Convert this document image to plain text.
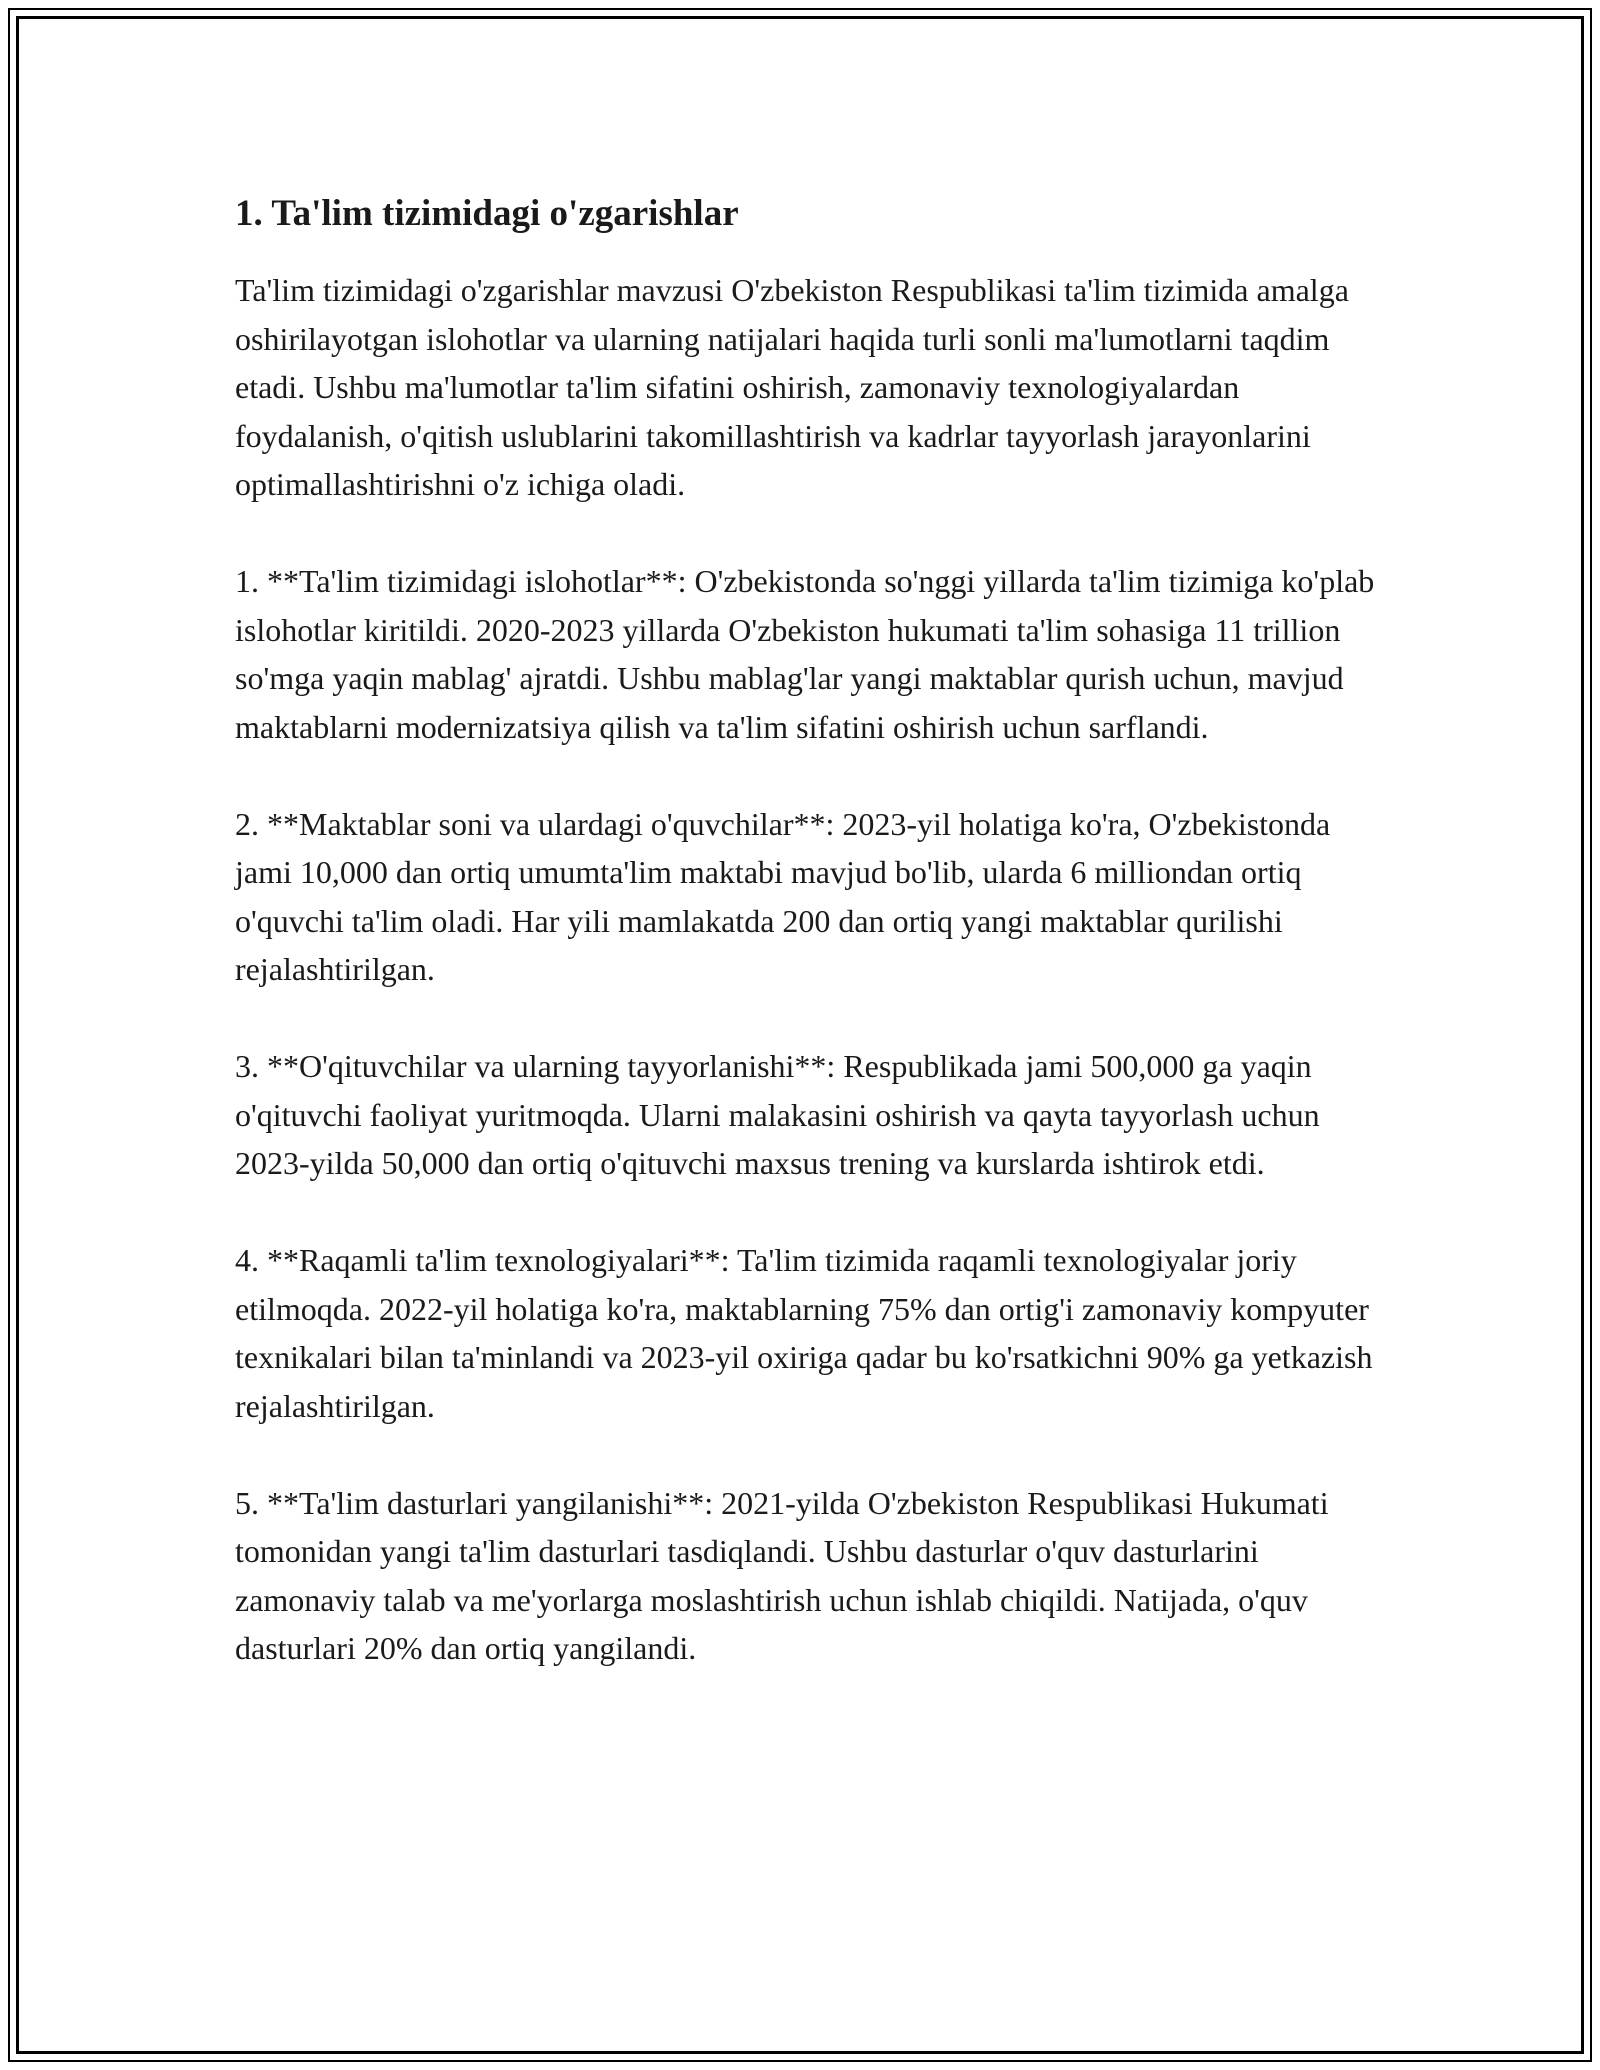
1. Ta'lim tizimidagi o'zgarishlar

Ta'lim tizimidagi o'zgarishlar mavzusi O'zbekiston Respublikasi ta'lim tizimida amalga oshirilayotgan islohotlar va ularning natijalari haqida turli sonli ma'lumotlarni taqdim etadi. Ushbu ma'lumotlar ta'lim sifatini oshirish, zamonaviy texnologiyalardan foydalanish, o'qitish uslublarini takomillashtirish va kadrlar tayyorlash jarayonlarini optimallashtirishni o'z ichiga oladi.

1. **Ta'lim tizimidagi islohotlar**: O'zbekistonda so'nggi yillarda ta'lim tizimiga ko'plab islohotlar kiritildi. 2020-2023 yillarda O'zbekiston hukumati ta'lim sohasiga 11 trillion so'mga yaqin mablag' ajratdi. Ushbu mablag'lar yangi maktablar qurish uchun, mavjud maktablarni modernizatsiya qilish va ta'lim sifatini oshirish uchun sarflandi.

2. **Maktablar soni va ulardagi o'quvchilar**: 2023-yil holatiga ko'ra, O'zbekistonda jami 10,000 dan ortiq umumta'lim maktabi mavjud bo'lib, ularda 6 milliondan ortiq o'quvchi ta'lim oladi. Har yili mamlakatda 200 dan ortiq yangi maktablar qurilishi rejalashtirilgan.

3. **O'qituvchilar va ularning tayyorlanishi**: Respublikada jami 500,000 ga yaqin o'qituvchi faoliyat yuritmoqda. Ularni malakasini oshirish va qayta tayyorlash uchun 2023-yilda 50,000 dan ortiq o'qituvchi maxsus trening va kurslarda ishtirok etdi.

4. **Raqamli ta'lim texnologiyalari**: Ta'lim tizimida raqamli texnologiyalar joriy etilmoqda. 2022-yil holatiga ko'ra, maktablarning 75% dan ortig'i zamonaviy kompyuter texnikalari bilan ta'minlandi va 2023-yil oxiriga qadar bu ko'rsatkichni 90% ga yetkazish rejalashtirilgan.

5. **Ta'lim dasturlari yangilanishi**: 2021-yilda O'zbekiston Respublikasi Hukumati tomonidan yangi ta'lim dasturlari tasdiqlandi. Ushbu dasturlar o'quv dasturlarini zamonaviy talab va me'yorlarga moslashtirish uchun ishlab chiqildi. Natijada, o'quv dasturlari 20% dan ortiq yangilandi.
